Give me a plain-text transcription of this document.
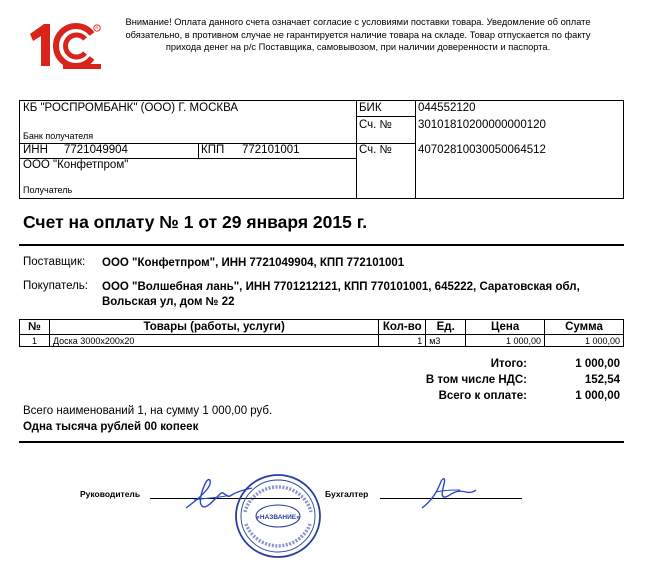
R
Внимание! Оплата данного счета означает согласие с условиями поставки товара. Уведомление об оплате обязательно, в противном случае не гарантируется наличие товара на складе. Товар отпускается по факту прихода денег на р/с Поставщика, самовывозом, при наличии доверенности и паспорта.
КБ "РОСПРОМБАНК" (ООО) Г. МОСКВА
Банк получателя
БИК	044552120
Сч. № 30101810200000000120
ИНН 7721049904	КПП 772101001	Сч. № 40702810030050064512
ООО "Конфетпром"
Получатель
Счет на оплату № 1 от 29 января 2015 г.
Поставщик: ООО "Конфетпром", ИНН 7721049904, КПП 772101001
Покупатель: ООО "Волшебная лань", ИНН 7701212121, КПП 770101001, 645222, Саратовская обл, Вольская ул, дом № 22
№	Товары (работы, услуги)	Кол-во	Ед.	Цена	Сумма
1	Доска 3000х200х20	1	м3	1 000,00	1 000,00
Итого:	1 000,00
В том числе НДС:	152,54
Всего к оплате:	1 000,00
Всего наименований 1, на сумму 1 000,00 руб.
Одна тысяча рублей 00 копеек
Руководитель	Бухгалтер
«НАЗВАНИЕ»
